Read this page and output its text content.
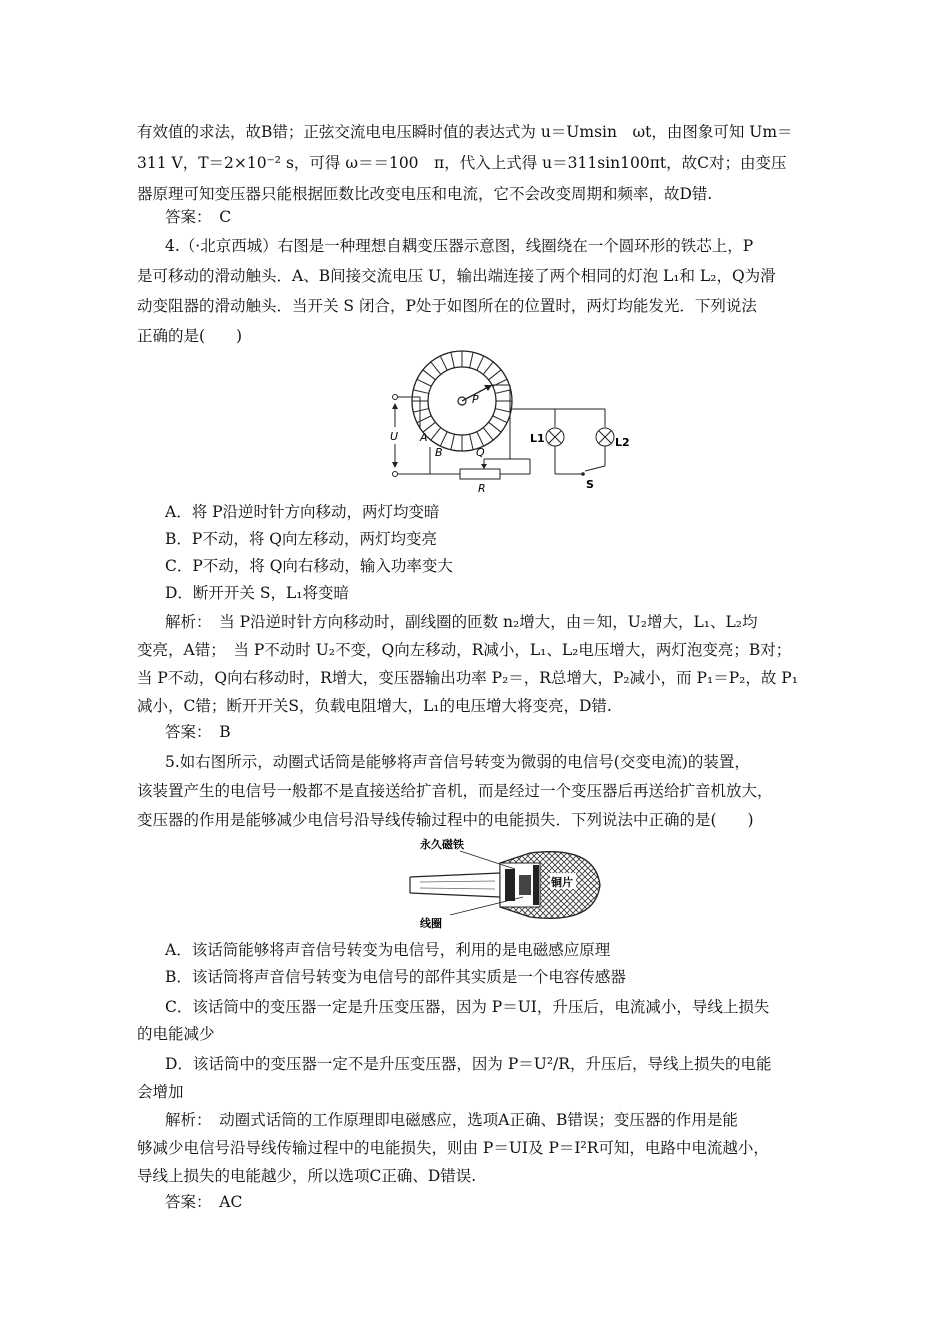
有效值的求法，故B错；正弦交流电电压瞬时值的表达式为 u＝Umsin　ωt，由图象可知 Um＝
311 V，T＝2×10⁻² s，可得 ω＝＝100　π，代入上式得 u＝311sin100πt，故C对；由变压
器原理可知变压器只能根据匝数比改变电压和电流，它不会改变周期和频率，故D错.
答案：　C
4.（·北京西城）右图是一种理想自耦变压器示意图，线圈绕在一个圆环形的铁芯上，P
是可移动的滑动触头．A、B间接交流电压 U，输出端连接了两个相同的灯泡 L₁和 L₂，Q为滑
动变阻器的滑动触头．当开关 S 闭合，P处于如图所在的位置时，两灯均能发光．下列说法
正确的是(　　)
P
U A
B
L1	L2
S
Q
R
A．将 P沿逆时针方向移动，两灯均变暗
B．P不动，将 Q向左移动，两灯均变亮
C．P不动，将 Q向右移动，输入功率变大
D．断开开关 S，L₁将变暗
解析：　当 P沿逆时针方向移动时，副线圈的匝数 n₂增大，由＝知，U₂增大，L₁、L₂均
变亮，A错；　当 P不动时 U₂不变，Q向左移动，R减小，L₁、L₂电压增大，两灯泡变亮；B对；
当 P不动，Q向右移动时，R增大，变压器输出功率 P₂＝，R总增大，P₂减小，而 P₁＝P₂，故 P₁
减小，C错；断开开关S，负载电阻增大，L₁的电压增大将变亮，D错.
答案：　B
5.如右图所示，动圈式话筒是能够将声音信号转变为微弱的电信号(交变电流)的装置，
该装置产生的电信号一般都不是直接送给扩音机，而是经过一个变压器后再送给扩音机放大，
变压器的作用是能够减少电信号沿导线传输过程中的电能损失．下列说法中正确的是(　　)
永久磁铁
线圈
铜片
A．该话筒能够将声音信号转变为电信号，利用的是电磁感应原理
B．该话筒将声音信号转变为电信号的部件其实质是一个电容传感器
C．该话筒中的变压器一定是升压变压器，因为 P＝UI，升压后，电流减小，导线上损失
的电能减少
D．该话筒中的变压器一定不是升压变压器，因为 P＝U²/R，升压后，导线上损失的电能
会增加
解析：　动圈式话筒的工作原理即电磁感应，选项A正确、B错误；变压器的作用是能
够减少电信号沿导线传输过程中的电能损失，则由 P＝UI及 P＝I²R可知，电路中电流越小，
导线上损失的电能越少，所以选项C正确、D错误.
答案：　AC
